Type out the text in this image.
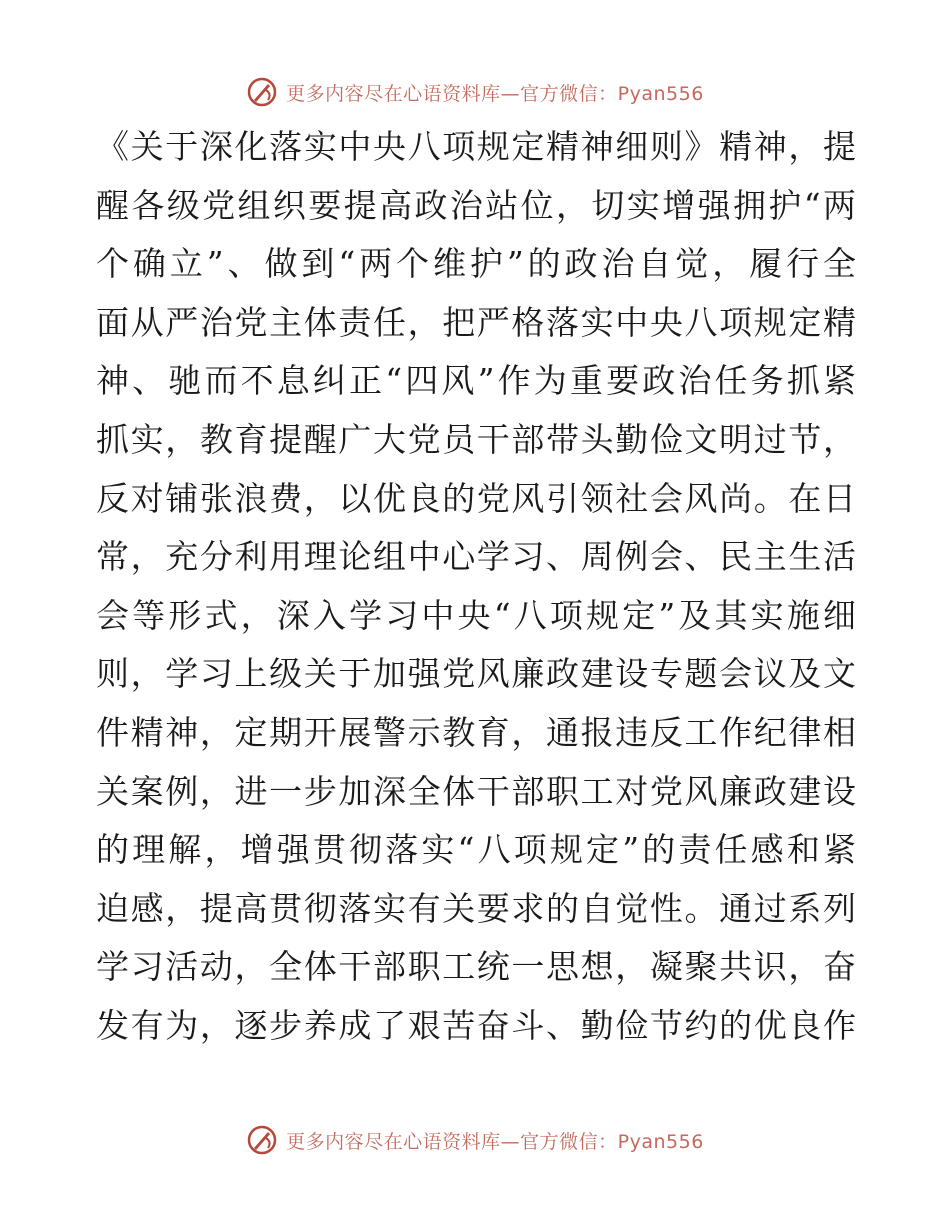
更多内容尽在心语资料库—官方微信：Pyan556
《关于深化落实中央八项规定精神细则》精神，提
醒各级党组织要提高政治站位，切实增强拥护“两
个确立”、做到“两个维护”的政治自觉，履行全
面从严治党主体责任，把严格落实中央八项规定精
神、驰而不息纠正“四风”作为重要政治任务抓紧
抓实，教育提醒广大党员干部带头勤俭文明过节，
反对铺张浪费，以优良的党风引领社会风尚。在日
常，充分利用理论组中心学习、周例会、民主生活
会等形式，深入学习中央“八项规定”及其实施细
则，学习上级关于加强党风廉政建设专题会议及文
件精神，定期开展警示教育，通报违反工作纪律相
关案例，进一步加深全体干部职工对党风廉政建设
的理解，增强贯彻落实“八项规定”的责任感和紧
迫感，提高贯彻落实有关要求的自觉性。通过系列
学习活动，全体干部职工统一思想，凝聚共识，奋
发有为，逐步养成了艰苦奋斗、勤俭节约的优良作
更多内容尽在心语资料库—官方微信：Pyan556
